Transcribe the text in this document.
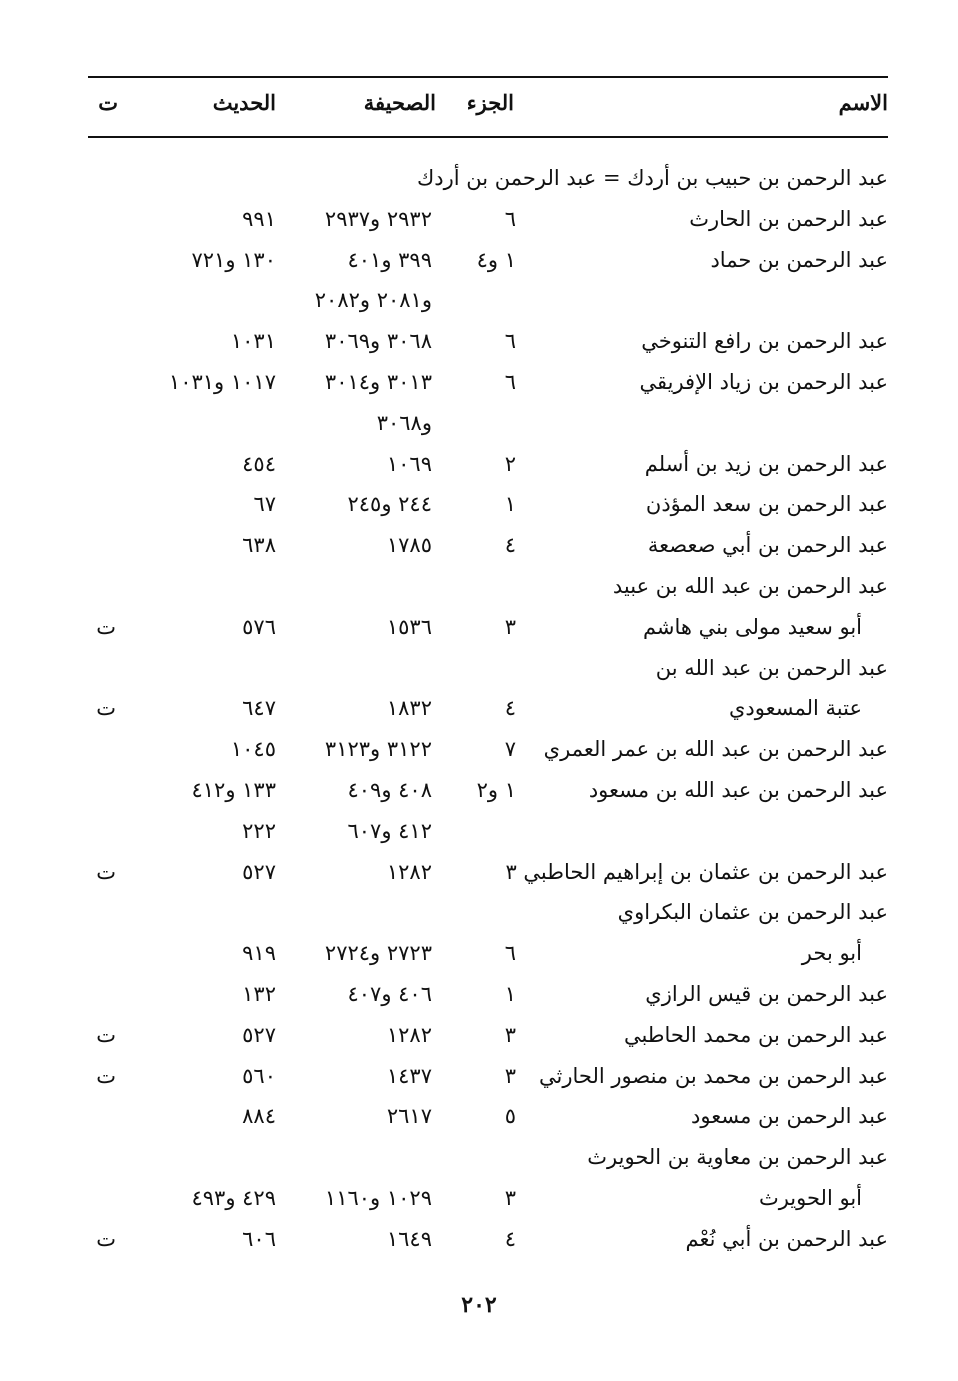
الاسم
الجزء
الصحيفة
الحديث
ت
عبد الرحمن بن حبيب بن أردك = عبد الرحمن بن أردك
عبد الرحمن بن الحارث
٦
٢٩٣٢ و٢٩٣٧
٩٩١
عبد الرحمن بن حماد
١ و٤
٣٩٩ و٤٠١
١٣٠ و٧٢١
و٢٠٨١ و٢٠٨٢
عبد الرحمن بن رافع التنوخي
٦
٣٠٦٨ و٣٠٦٩
١٠٣١
عبد الرحمن بن زياد الإفريقي
٦
٣٠١٣ و٣٠١٤
١٠١٧ و١٠٣١
و٣٠٦٨
عبد الرحمن بن زيد بن أسلم
٢
١٠٦٩
٤٥٤
عبد الرحمن بن سعد المؤذن
١
٢٤٤ و٢٤٥
٦٧
عبد الرحمن بن أبي صعصعة
٤
١٧٨٥
٦٣٨
عبد الرحمن بن عبد الله بن عبيد
أبو سعيد مولى بني هاشم
٣
١٥٣٦
٥٧٦
ت
عبد الرحمن بن عبد الله بن
عتبة المسعودي
٤
١٨٣٢
٦٤٧
ت
عبد الرحمن بن عبد الله بن عمر العمري
٧
٣١٢٢ و٣١٢٣
١٠٤٥
عبد الرحمن بن عبد الله بن مسعود
١ و٢
٤٠٨ و٤٠٩
١٣٣ و٤١٢
٤١٢ و٦٠٧
٢٢٢
عبد الرحمن بن عثمان بن إبراهيم الحاطبي ٣
١٢٨٢
٥٢٧
ت
عبد الرحمن بن عثمان البكراوي
أبو بحر
٦
٢٧٢٣ و٢٧٢٤
٩١٩
عبد الرحمن بن قيس الرازي
١
٤٠٦ و٤٠٧
١٣٢
عبد الرحمن بن محمد الحاطبي
٣
١٢٨٢
٥٢٧
ت
عبد الرحمن بن محمد بن منصور الحارثي
٣
١٤٣٧
٥٦٠
ت
عبد الرحمن بن مسعود
٥
٢٦١٧
٨٨٤
عبد الرحمن بن معاوية بن الحويرث
أبو الحويرث
٣
١٠٢٩ و١١٦٠
٤٢٩ و٤٩٣
عبد الرحمن بن أبي نُعْم
٤
١٦٤٩
٦٠٦
ت
٢٠٢
